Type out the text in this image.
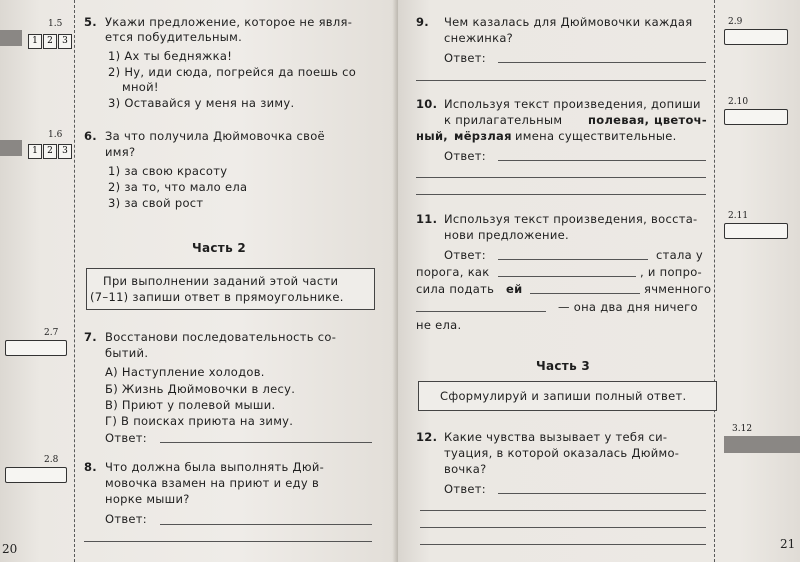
1.5
1	2	3
1.6
1	2	3
2.7
2.8
5. Укажи предложение, которое не явля-
ется побудительным.
1) Ах ты бедняжка!
2) Ну, иди сюда, погрейся да поешь со
мной!
3) Оставайся у меня на зиму.
6. За что получила Дюймовочка своё
имя?
1) за свою красоту
2) за то, что мало ела
3) за свой рост
Часть 2
При выполнении заданий этой части
(7–11) запиши ответ в прямоугольнике.
7. Восстанови последовательность со-
бытий.
А) Наступление холодов.
Б) Жизнь Дюймовочки в лесу.
В) Приют у полевой мыши.
Г) В поисках приюта на зиму.
Ответ:
8. Что должна была выполнять Дюй-
мовочка взамен на приют и еду в
норке мыши?
Ответ:
20
9. Чем казалась для Дюймовочки каждая
снежинка?
Ответ:
10. Используя текст произведения, допиши
к прилагательным полевая, цветоч-
ный, мёрзлая имена существительные.
Ответ:
11. Используя текст произведения, восста-
нови предложение.
Ответ:	стала у
порога, как	, и попро-
сила подать ей	ячменного
— она два дня ничего
не ела.
Часть 3
Сформулируй и запиши полный ответ.
12. Какие чувства вызывает у тебя си-
туация, в которой оказалась Дюймо-
вочка?
Ответ:
2.9
2.10
2.11
3.12
21
